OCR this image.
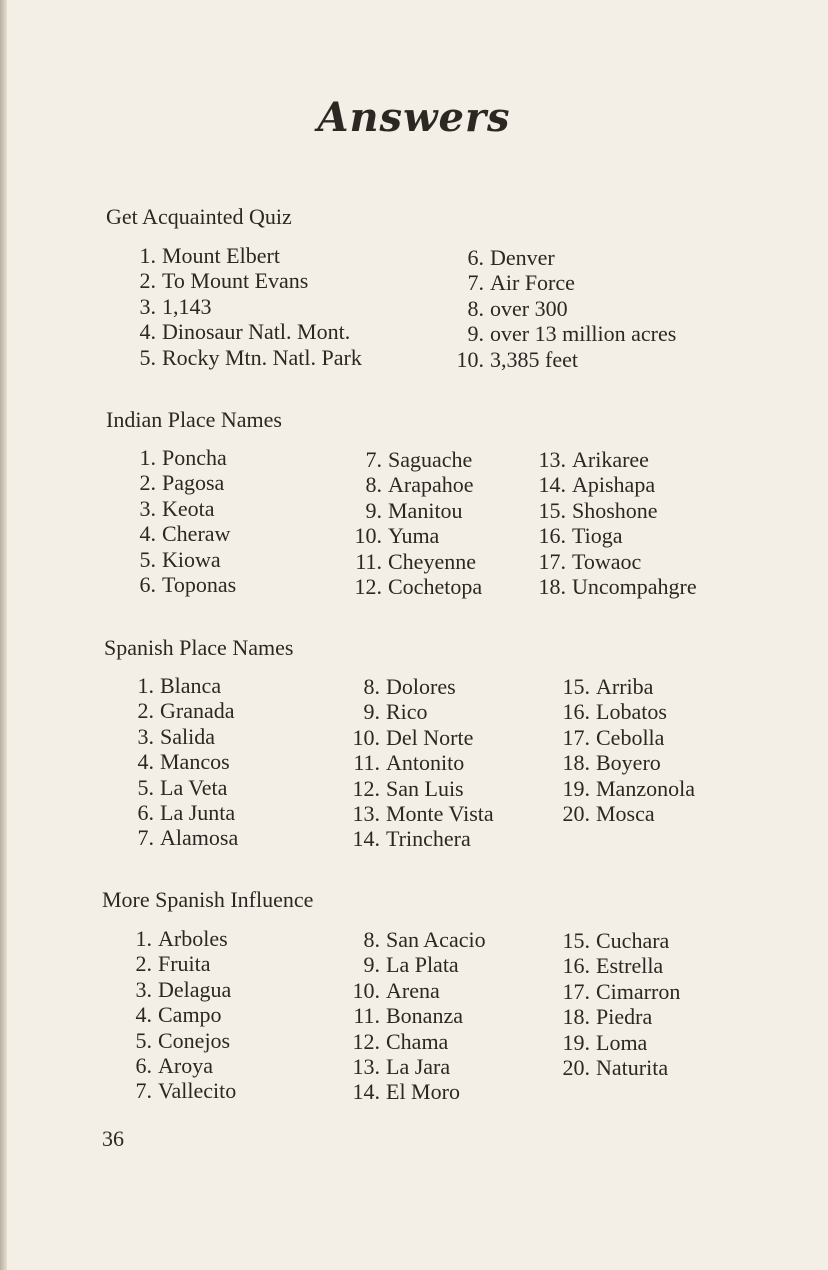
Answers
Get Acquainted Quiz
1. Mount Elbert
2. To Mount Evans
3. 1,143
4. Dinosaur Natl. Mont.
5. Rocky Mtn. Natl. Park
6. Denver
7. Air Force
8. over 300
9. over 13 million acres
10. 3,385 feet
Indian Place Names
1. Poncha
2. Pagosa
3. Keota
4. Cheraw
5. Kiowa
6. Toponas
7. Saguache
8. Arapahoe
9. Manitou
10. Yuma
11. Cheyenne
12. Cochetopa
13. Arikaree
14. Apishapa
15. Shoshone
16. Tioga
17. Towaoc
18. Uncompahgre
Spanish Place Names
1. Blanca
2. Granada
3. Salida
4. Mancos
5. La Veta
6. La Junta
7. Alamosa
8. Dolores
9. Rico
10. Del Norte
11. Antonito
12. San Luis
13. Monte Vista
14. Trinchera
15. Arriba
16. Lobatos
17. Cebolla
18. Boyero
19. Manzonola
20. Mosca
More Spanish Influence
1. Arboles
2. Fruita
3. Delagua
4. Campo
5. Conejos
6. Aroya
7. Vallecito
8. San Acacio
9. La Plata
10. Arena
11. Bonanza
12. Chama
13. La Jara
14. El Moro
15. Cuchara
16. Estrella
17. Cimarron
18. Piedra
19. Loma
20. Naturita
36
